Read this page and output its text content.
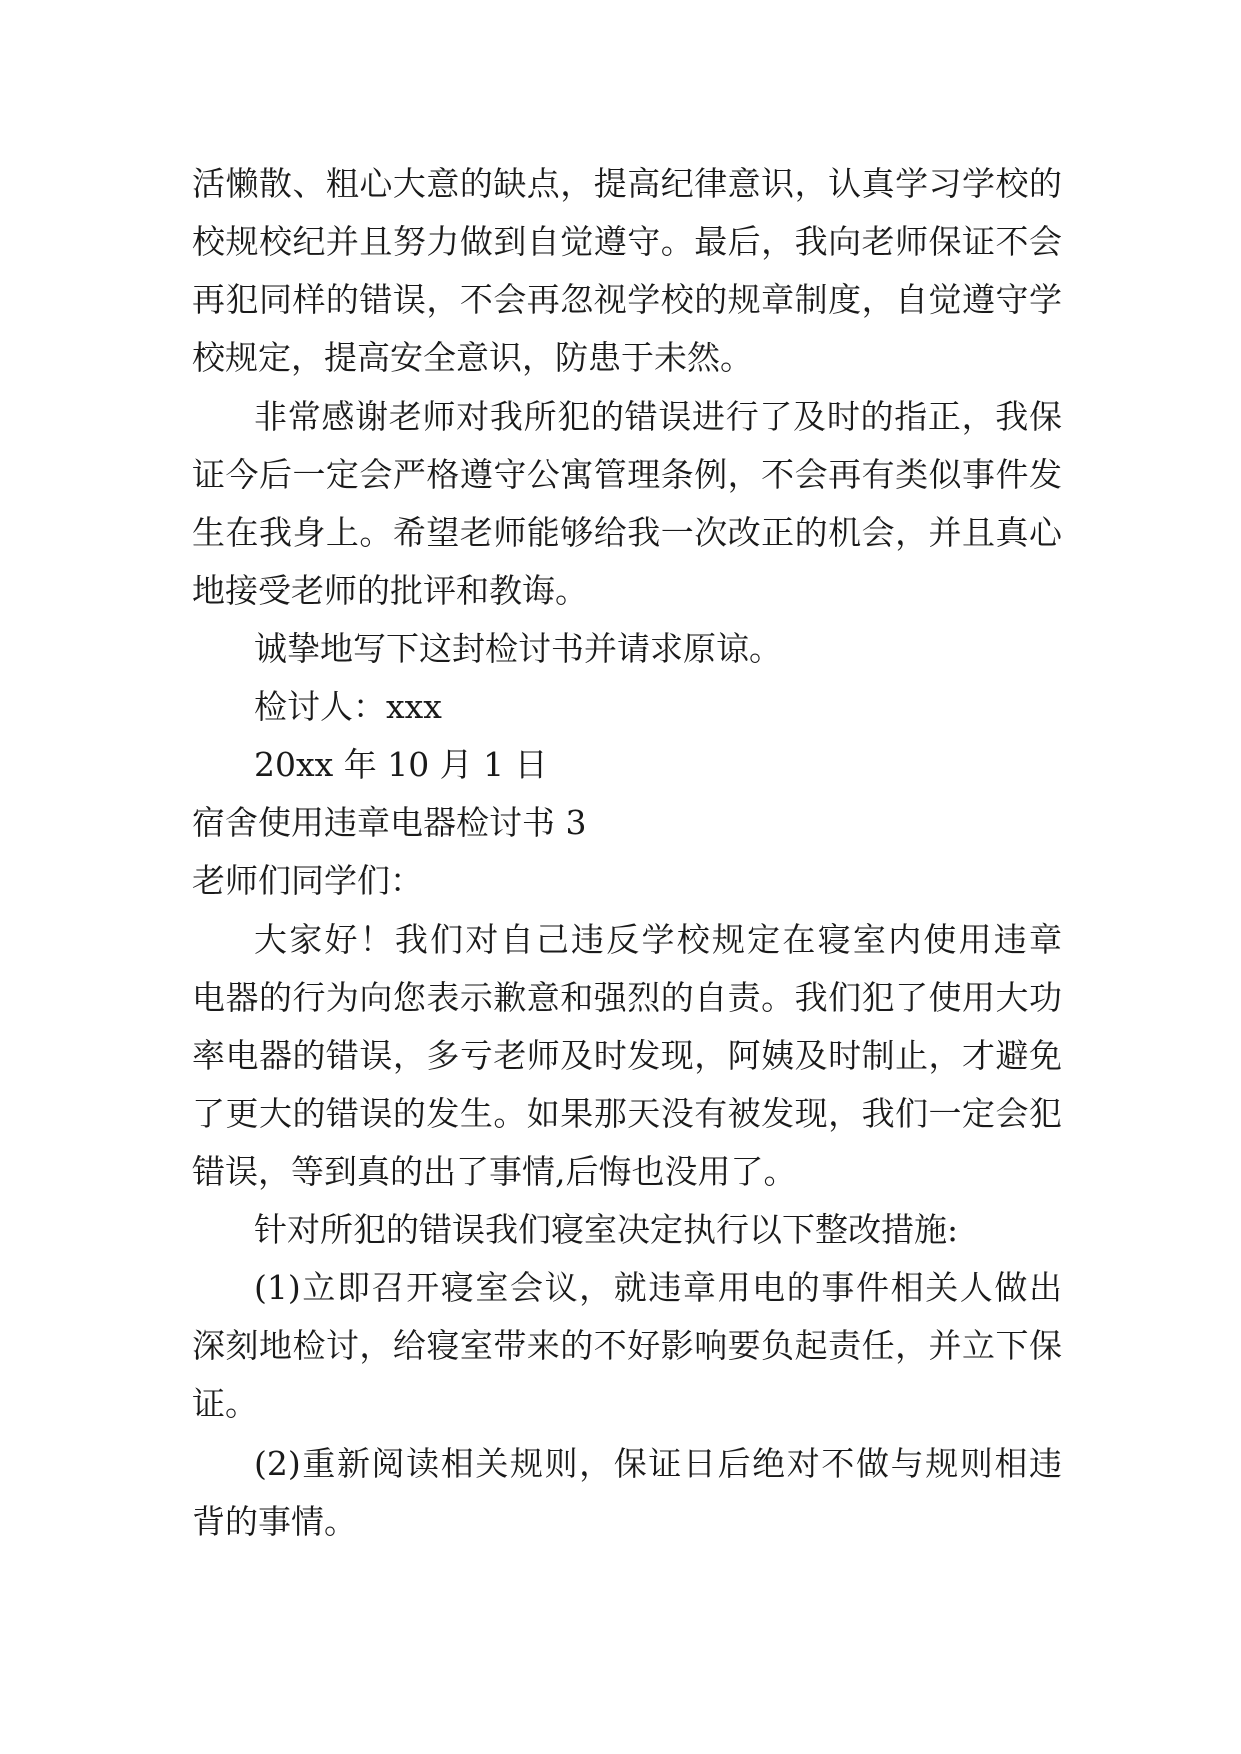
活懒散、粗心大意的缺点，提高纪律意识，认真学习学校的
校规校纪并且努力做到自觉遵守。最后，我向老师保证不会
再犯同样的错误，不会再忽视学校的规章制度，自觉遵守学
校规定，提高安全意识，防患于未然。
非常感谢老师对我所犯的错误进行了及时的指正，我保
证今后一定会严格遵守公寓管理条例，不会再有类似事件发
生在我身上。希望老师能够给我一次改正的机会，并且真心
地接受老师的批评和教诲。
诚挚地写下这封检讨书并请求原谅。
检讨人：xxx
20xx 年 10 月 1 日
宿舍使用违章电器检讨书 3
老师们同学们：
大家好！我们对自己违反学校规定在寝室内使用违章
电器的行为向您表示歉意和强烈的自责。我们犯了使用大功
率电器的错误，多亏老师及时发现，阿姨及时制止，才避免
了更大的错误的发生。如果那天没有被发现，我们一定会犯
错误，等到真的出了事情,后悔也没用了。
针对所犯的错误我们寝室决定执行以下整改措施:
(1)立即召开寝室会议，就违章用电的事件相关人做出
深刻地检讨，给寝室带来的不好影响要负起责任，并立下保
证。
(2)重新阅读相关规则，保证日后绝对不做与规则相违
背的事情。
